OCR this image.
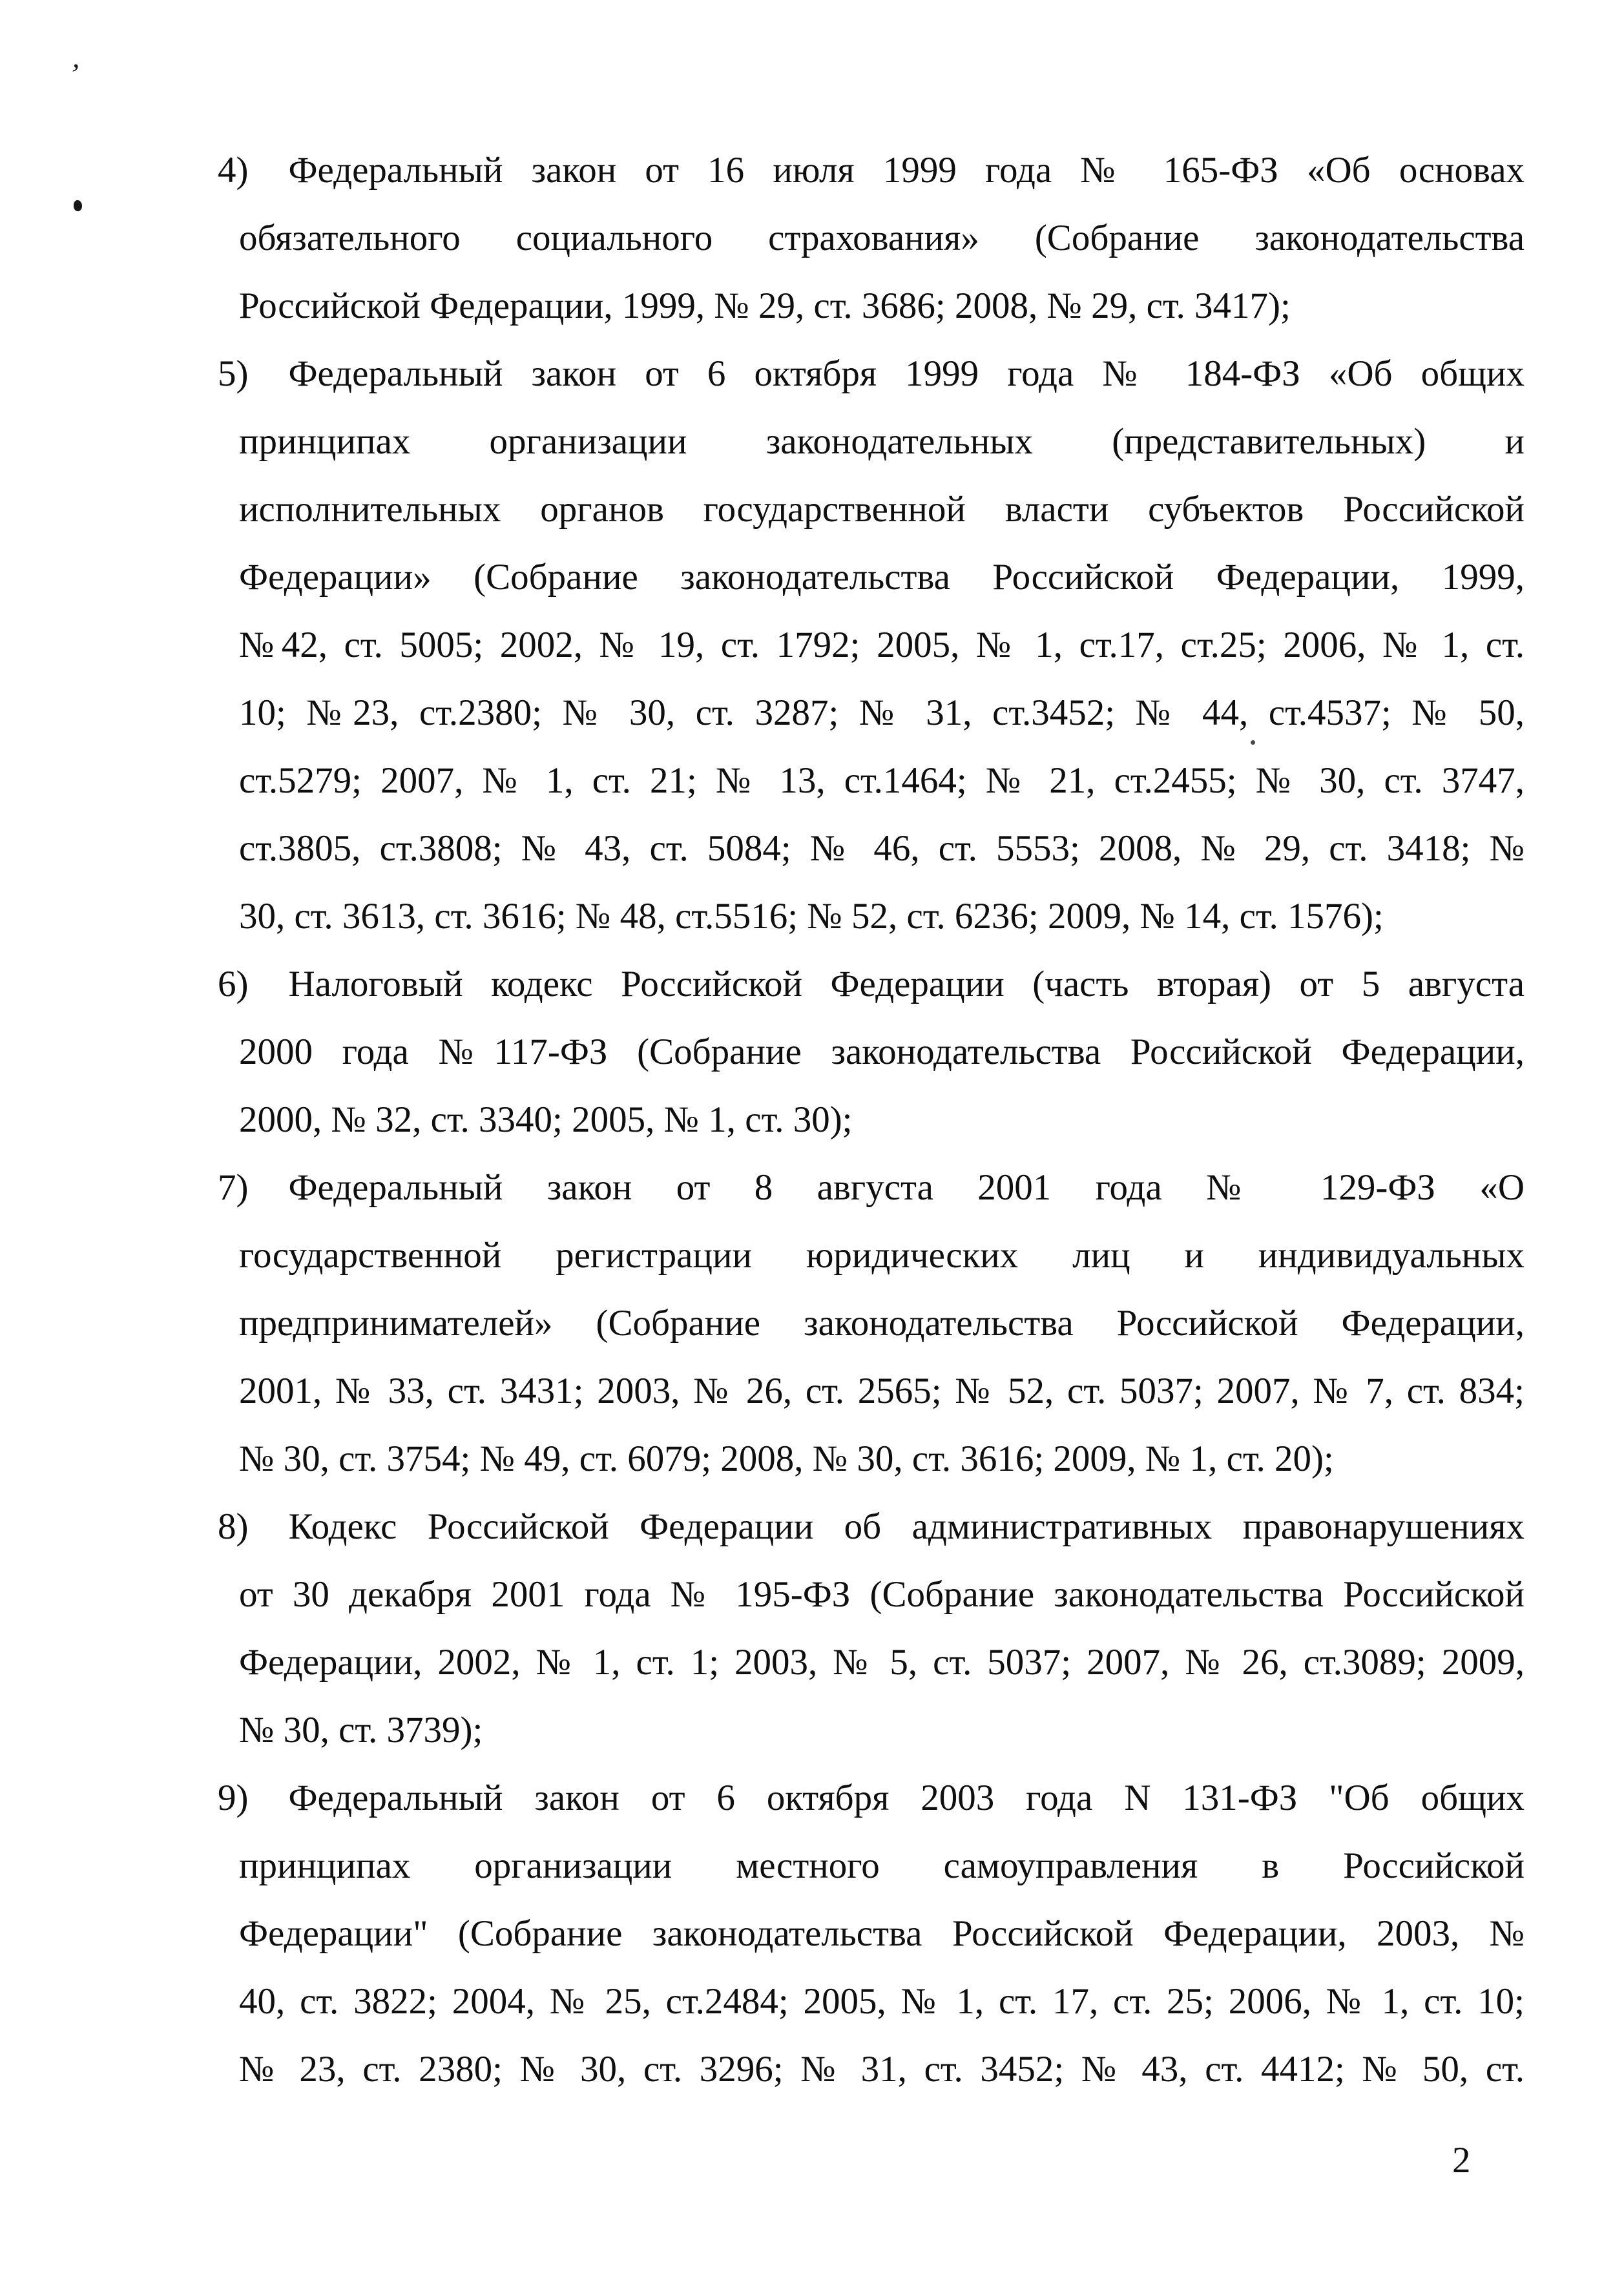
ʼ
4) Федеральный закон от 16 июля 1999 года № 165-ФЗ «Об основах
обязательного социального страхования» (Собрание законодательства
Российской Федерации, 1999, № 29, ст. 3686; 2008, № 29, ст. 3417);
5) Федеральный закон от 6 октября 1999 года № 184-ФЗ «Об общих
принципах организации законодательных (представительных) и
исполнительных органов государственной власти субъектов Российской
Федерации» (Собрание законодательства Российской Федерации, 1999,
№42, ст. 5005; 2002, № 19, ст. 1792; 2005, № 1, ст.17, ст.25; 2006, № 1, ст.
10; №23, ст.2380; № 30, ст. 3287; № 31, ст.3452; № 44, ст.4537; № 50,
ст.5279; 2007, № 1, ст. 21; № 13, ст.1464; № 21, ст.2455; № 30, ст. 3747,
ст.3805, ст.3808; № 43, ст. 5084; № 46, ст. 5553; 2008, № 29, ст. 3418; №
30, ст. 3613, ст. 3616; № 48, ст.5516; № 52, ст. 6236; 2009, № 14, ст. 1576);
6) Налоговый кодекс Российской Федерации (часть вторая) от 5 августа
2000 года №117-ФЗ (Собрание законодательства Российской Федерации,
2000, № 32, ст. 3340; 2005, № 1, ст. 30);
7) Федеральный закон от 8 августа 2001 года № 129-ФЗ «О
государственной регистрации юридических лиц и индивидуальных
предпринимателей» (Собрание законодательства Российской Федерации,
2001, № 33, ст. 3431; 2003, № 26, ст. 2565; № 52, ст. 5037; 2007, № 7, ст. 834;
№ 30, ст. 3754; № 49, ст. 6079; 2008, № 30, ст. 3616; 2009, № 1, ст. 20);
8) Кодекс Российской Федерации об административных правонарушениях
от 30 декабря 2001 года № 195-ФЗ (Собрание законодательства Российской
Федерации, 2002, № 1, ст. 1; 2003, № 5, ст. 5037; 2007, № 26, ст.3089; 2009,
№ 30, ст. 3739);
9) Федеральный закон от 6 октября 2003 года N 131-ФЗ "Об общих
принципах организации местного самоуправления в Российской
Федерации" (Собрание законодательства Российской Федерации, 2003, №
40, ст. 3822; 2004, № 25, ст.2484; 2005, № 1, ст. 17, ст. 25; 2006, № 1, ст. 10;
№ 23, ст. 2380; № 30, ст. 3296; № 31, ст. 3452; № 43, ст. 4412; № 50, ст.
2
